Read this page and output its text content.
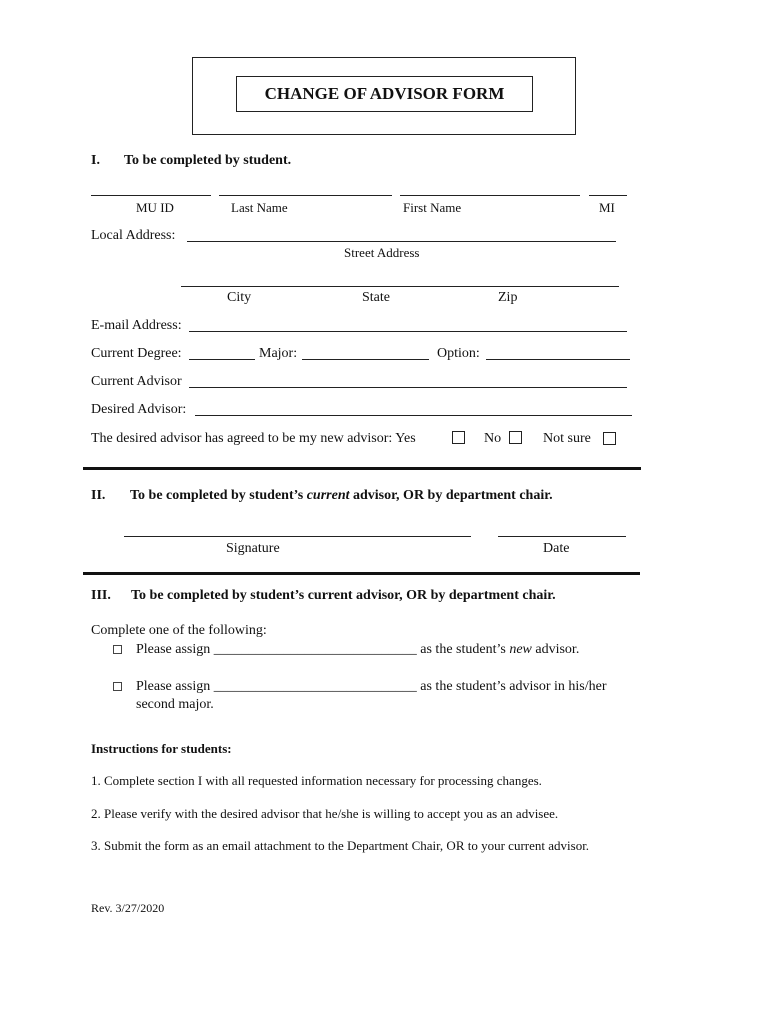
CHANGE OF ADVISOR FORM
I. To be completed by student.
MU ID	Last Name	First Name	MI
Local Address:
Street Address
City	State	Zip
E-mail Address:
Current Degree:	Major:	Option:
Current Advisor
Desired Advisor:
The desired advisor has agreed to be my new advisor: Yes	No	Not sure
II. To be completed by student’s current advisor, OR by department chair.
Signature	Date
III. To be completed by student’s current advisor, OR by department chair.
Complete one of the following:
Please assign _____________________________ as the student’s new advisor.
Please assign _____________________________ as the student’s advisor in his/her
second major.
Instructions for students:
1. Complete section I with all requested information necessary for processing changes.
2. Please verify with the desired advisor that he/she is willing to accept you as an advisee.
3. Submit the form as an email attachment to the Department Chair, OR to your current advisor.
Rev. 3/27/2020
